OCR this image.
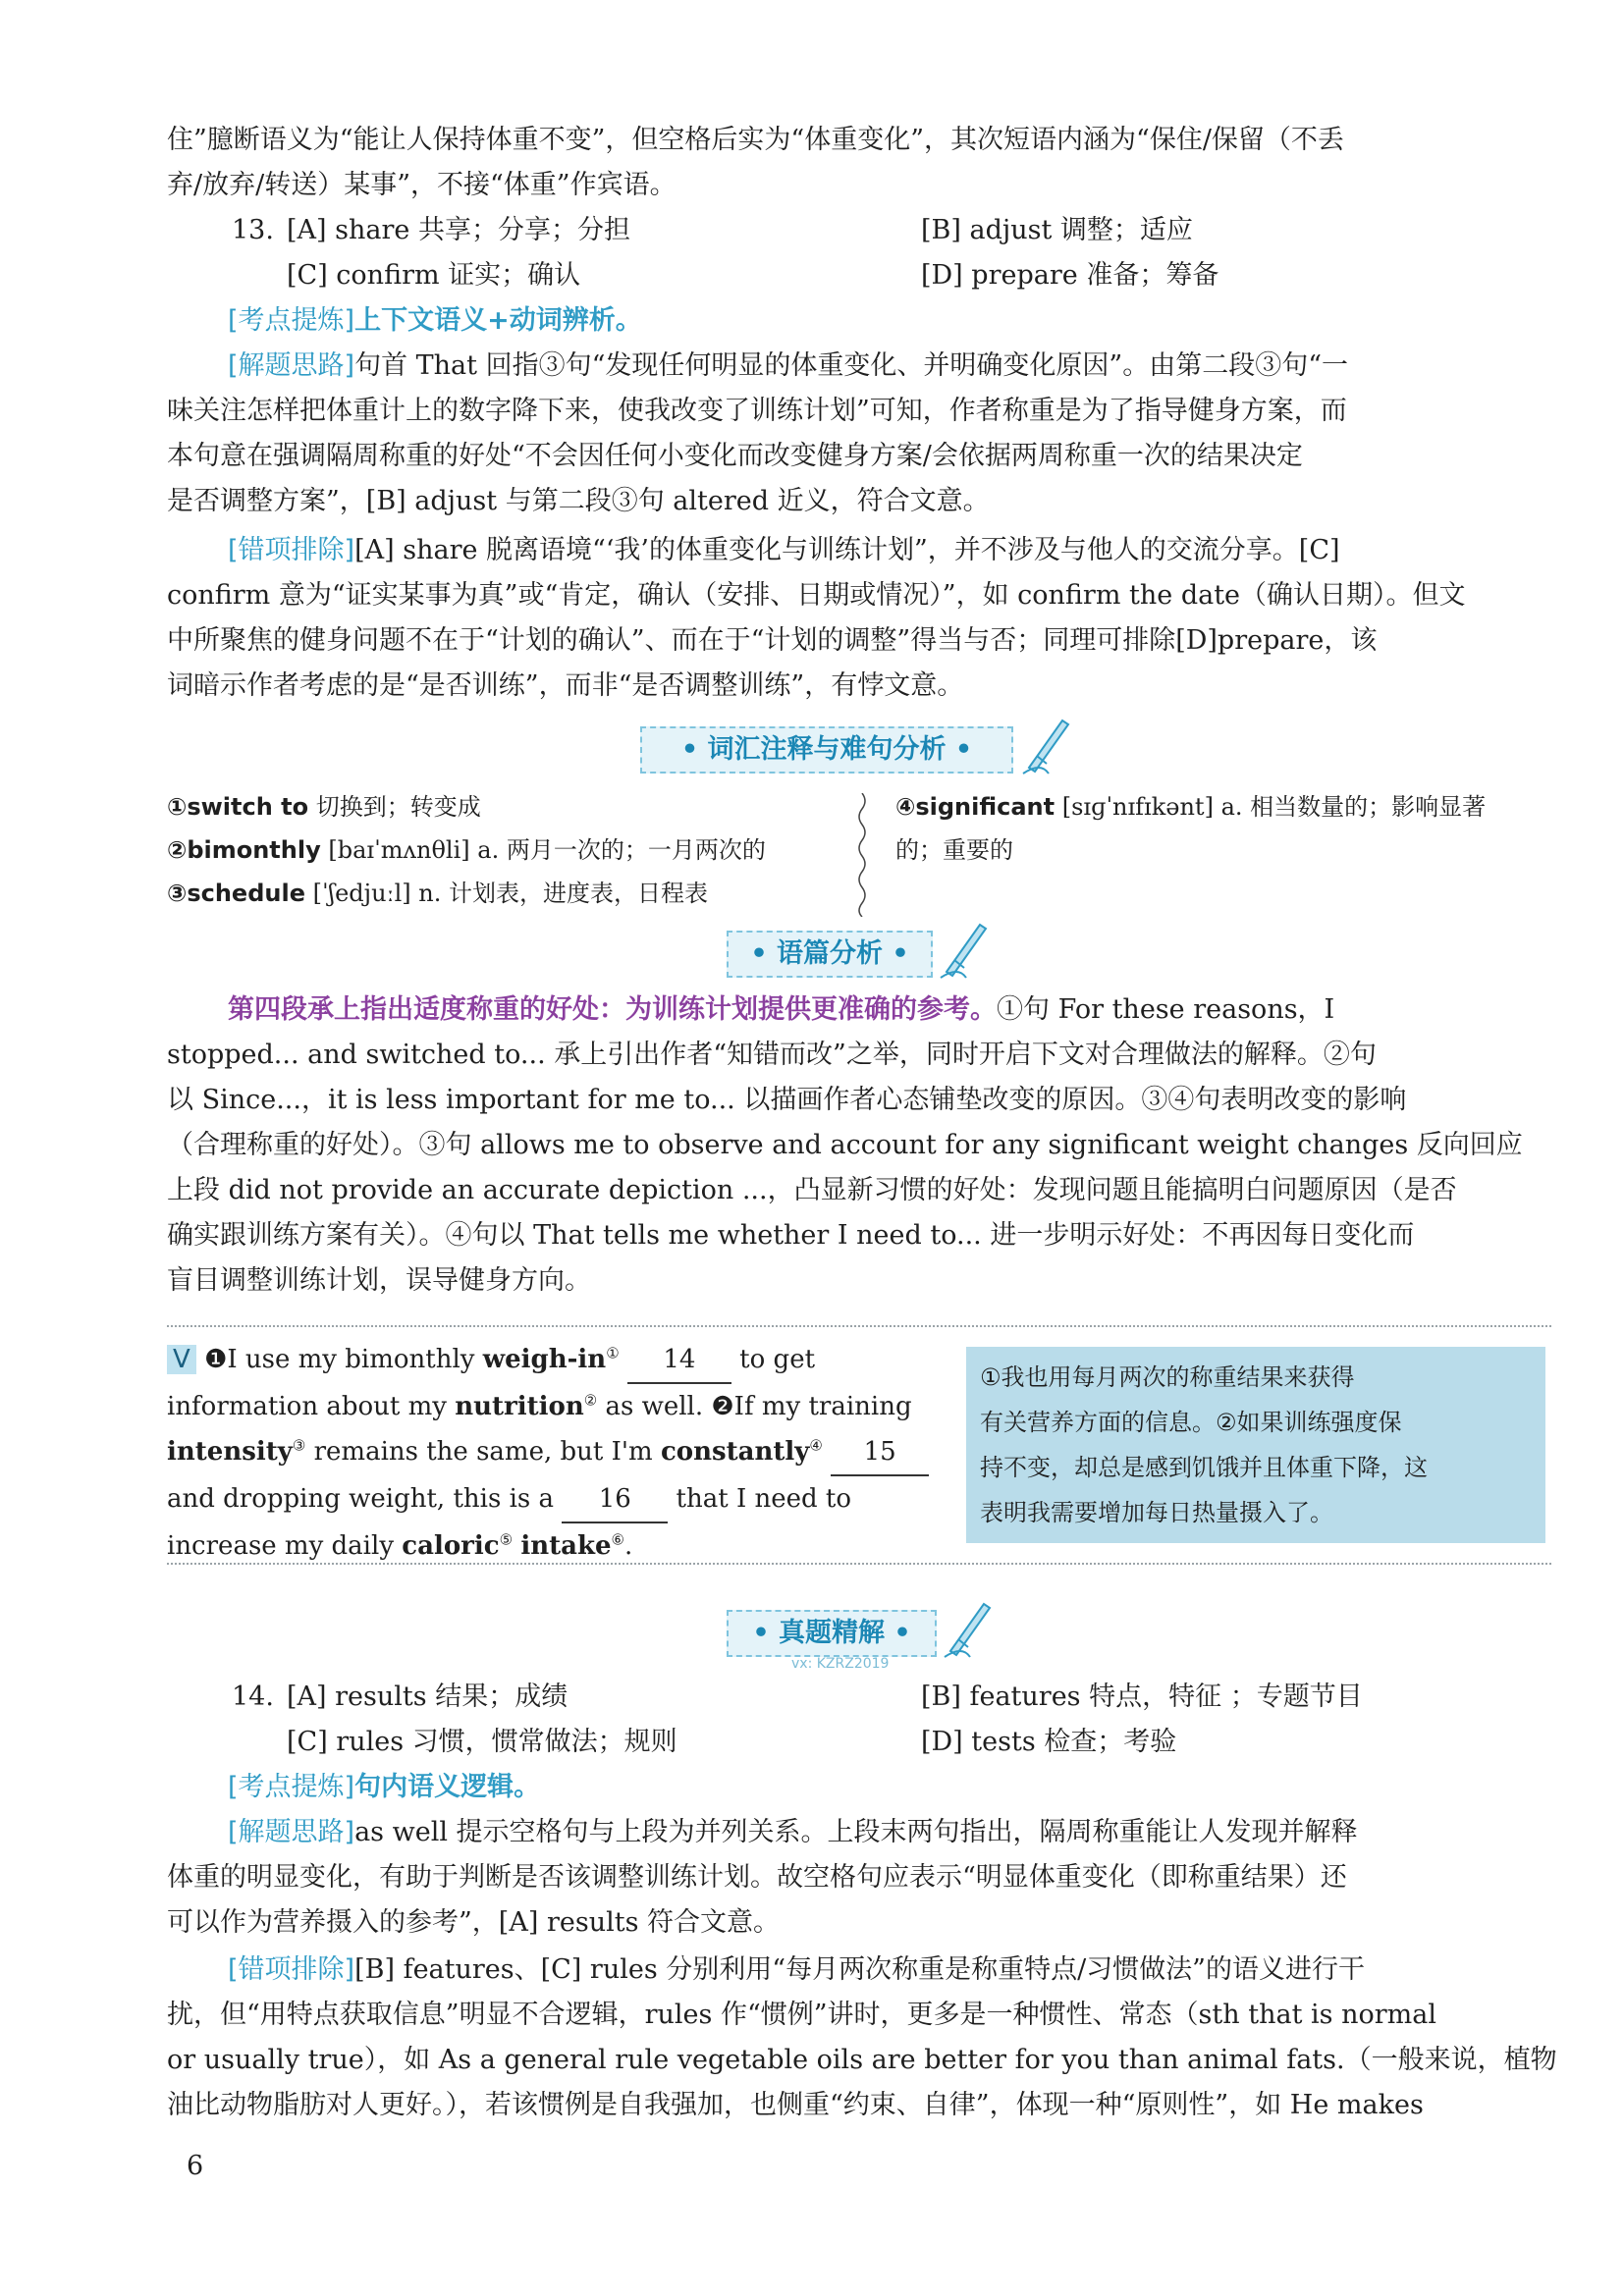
住”臆断语义为“能让人保持体重不变”，但空格后实为“体重变化”，其次短语内涵为“保住/保留（不丢
弃/放弃/转送）某事”，不接“体重”作宾语。
13. [A] share 共享；分享；分担	[B] adjust 调整；适应
[C] confirm 证实；确认	[D] prepare 准备；筹备
[考点提炼]上下文语义+动词辨析。
[解题思路]句首 That 回指③句“发现任何明显的体重变化、并明确变化原因”。由第二段③句“一
味关注怎样把体重计上的数字降下来，使我改变了训练计划”可知，作者称重是为了指导健身方案，而
本句意在强调隔周称重的好处“不会因任何小变化而改变健身方案/会依据两周称重一次的结果决定
是否调整方案”，[B] adjust 与第二段③句 altered 近义，符合文意。
[错项排除][A] share 脱离语境“‘我’的体重变化与训练计划”，并不涉及与他人的交流分享。[C]
confirm 意为“证实某事为真”或“肯定，确认（安排、日期或情况）”，如 confirm the date（确认日期）。但文
中所聚焦的健身问题不在于“计划的确认”、而在于“计划的调整”得当与否；同理可排除[D]prepare，该
词暗示作者考虑的是“是否训练”，而非“是否调整训练”，有悖文意。
• 词汇注释与难句分析 •
①switch to 切换到；转变成
②bimonthly [baɪˈmʌnθli] a. 两月一次的；一月两次的
③schedule [ˈʃedjuːl] n. 计划表，进度表，日程表
④significant [sɪɡˈnɪfɪkənt] a. 相当数量的；影响显著
的；重要的
• 语篇分析 •
第四段承上指出适度称重的好处：为训练计划提供更准确的参考。①句 For these reasons，I
stopped... and switched to... 承上引出作者“知错而改”之举，同时开启下文对合理做法的解释。②句
以 Since...，it is less important for me to... 以描画作者心态铺垫改变的原因。③④句表明改变的影响
（合理称重的好处）。③句 allows me to observe and account for any significant weight changes 反向回应
上段 did not provide an accurate depiction ...，凸显新习惯的好处：发现问题且能搞明白问题原因（是否
确实跟训练方案有关）。④句以 That tells me whether I need to... 进一步明示好处：不再因每日变化而
盲目调整训练计划，误导健身方向。
V ❶I use my bimonthly weigh-in① 14 to get
information about my nutrition② as well. ❷If my training
intensity③ remains the same, but I'm constantly④ 15
and dropping weight, this is a 16 that I need to
increase my daily caloric⑤ intake⑥.
①我也用每月两次的称重结果来获得
有关营养方面的信息。②如果训练强度保
持不变，却总是感到饥饿并且体重下降，这
表明我需要增加每日热量摄入了。
• 真题精解 •
vx: KZRZ2019
14. [A] results 结果；成绩	[B] features 特点，特征 ；专题节目
[C] rules 习惯，惯常做法；规则	[D] tests 检查；考验
[考点提炼]句内语义逻辑。
[解题思路]as well 提示空格句与上段为并列关系。上段末两句指出，隔周称重能让人发现并解释
体重的明显变化，有助于判断是否该调整训练计划。故空格句应表示“明显体重变化（即称重结果）还
可以作为营养摄入的参考”，[A] results 符合文意。
[错项排除][B] features、[C] rules 分别利用“每月两次称重是称重特点/习惯做法”的语义进行干
扰，但“用特点获取信息”明显不合逻辑，rules 作“惯例”讲时，更多是一种惯性、常态（sth that is normal
or usually true），如 As a general rule vegetable oils are better for you than animal fats.（一般来说，植物
油比动物脂肪对人更好。），若该惯例是自我强加，也侧重“约束、自律”，体现一种“原则性”，如 He makes
6
